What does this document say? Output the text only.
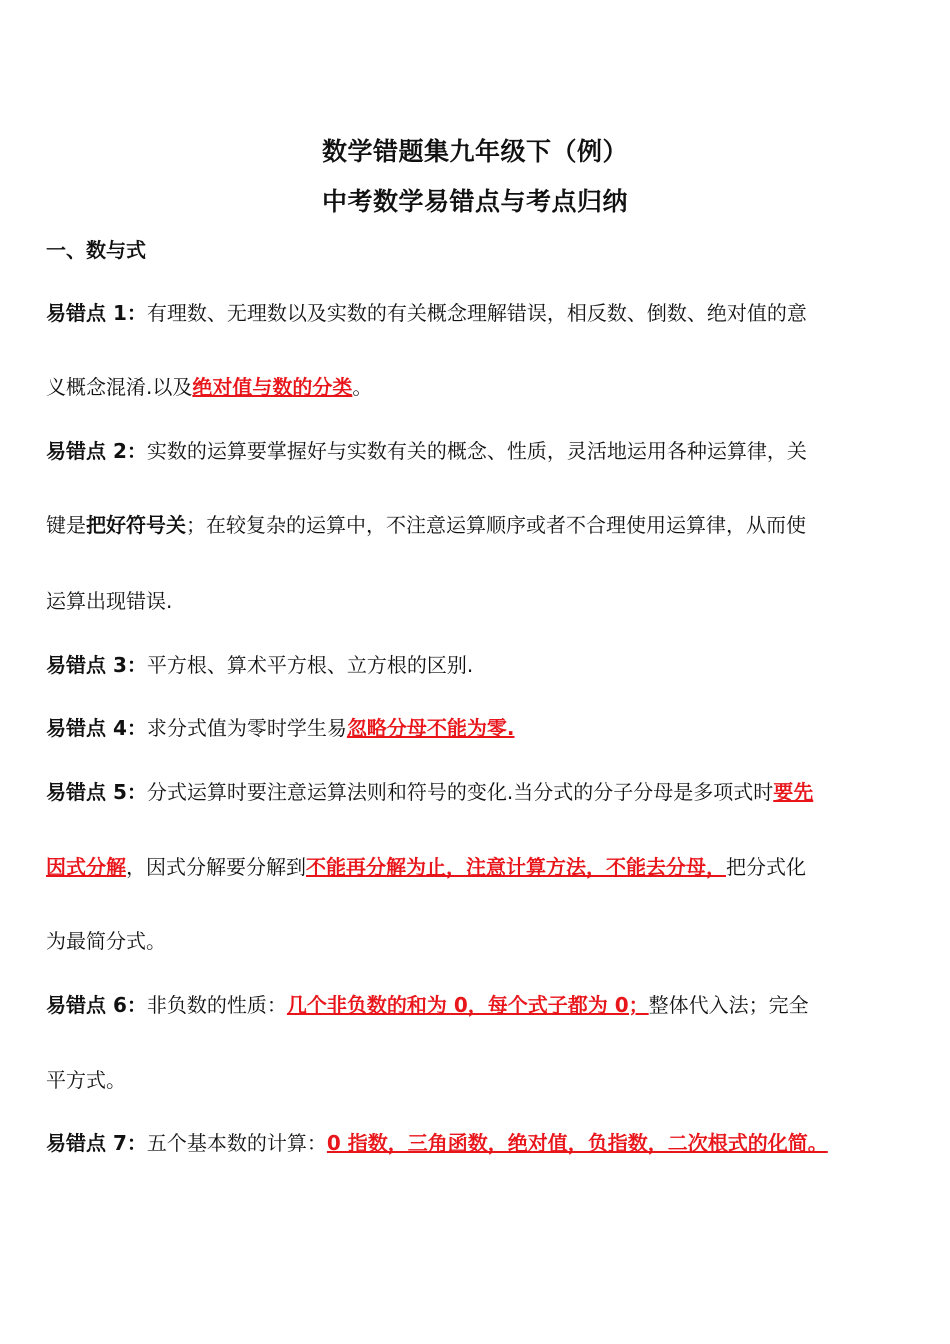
数学错题集九年级下（例）
中考数学易错点与考点归纳
一、数与式
易错点 1：有理数、无理数以及实数的有关概念理解错误，相反数、倒数、绝对值的意
义概念混淆.以及绝对值与数的分类。
易错点 2：实数的运算要掌握好与实数有关的概念、性质，灵活地运用各种运算律，关
键是把好符号关；在较复杂的运算中，不注意运算顺序或者不合理使用运算律，从而使
运算出现错误.
易错点 3：平方根、算术平方根、立方根的区别.
易错点 4：求分式值为零时学生易忽略分母不能为零.
易错点 5：分式运算时要注意运算法则和符号的变化.当分式的分子分母是多项式时要先
因式分解，因式分解要分解到不能再分解为止，注意计算方法，不能去分母，把分式化
为最简分式。
易错点 6：非负数的性质：几个非负数的和为 0，每个式子都为 0；整体代入法；完全
平方式。
易错点 7：五个基本数的计算：0 指数，三角函数，绝对值，负指数，二次根式的化简。
